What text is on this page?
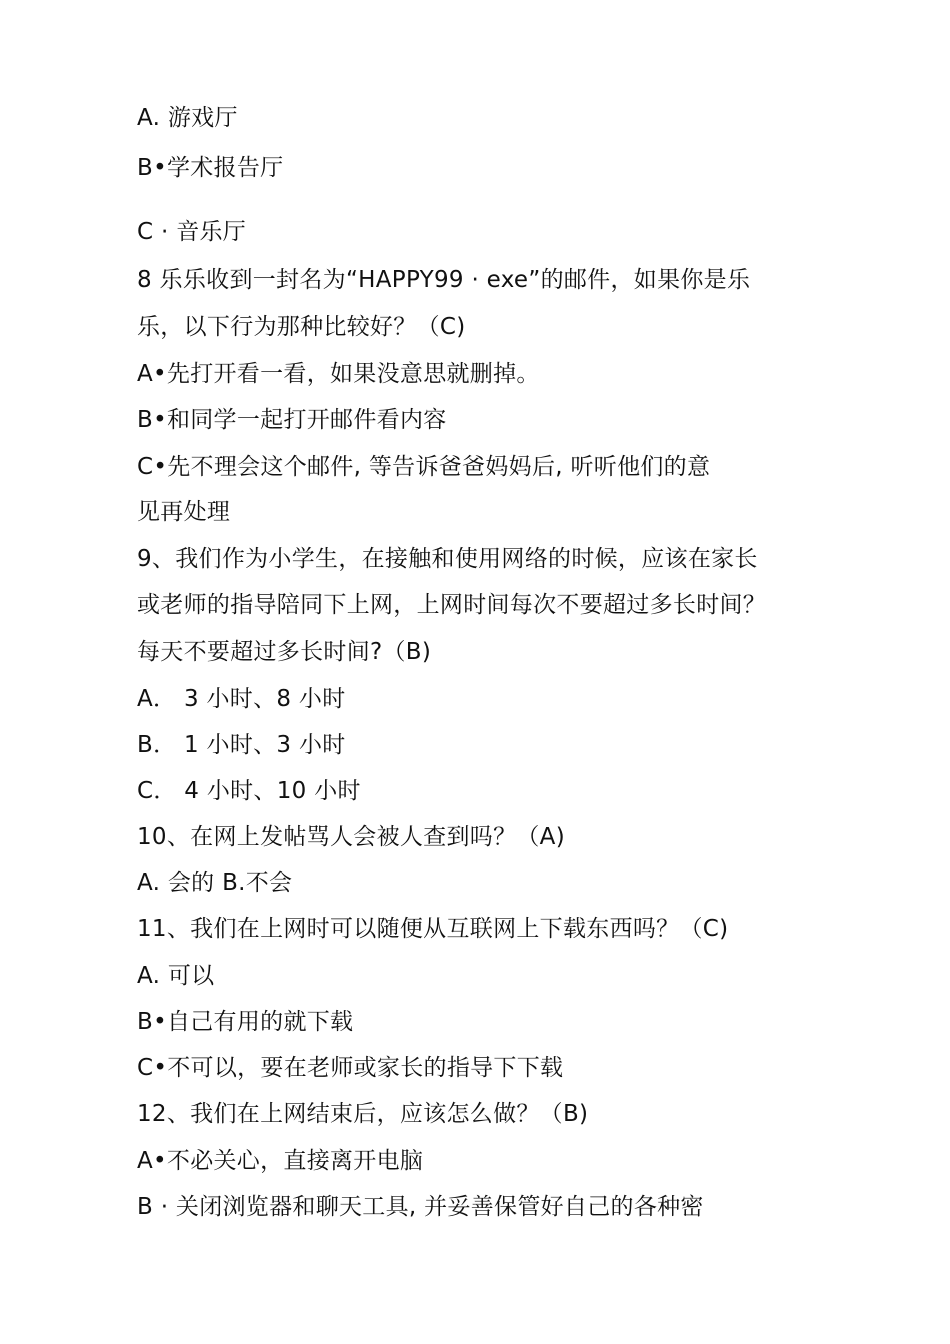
A. 游戏厅
B•学术报告厅
C · 音乐厅
8 乐乐收到一封名为“HAPPY99 · exe”的邮件，如果你是乐
乐，以下行为那种比较好？（C)
A•先打开看一看，如果没意思就删掉。
B•和同学一起打开邮件看内容
C•先不理会这个邮件, 等告诉爸爸妈妈后, 听听他们的意
见再处理
9、我们作为小学生，在接触和使用网络的时候，应该在家长
或老师的指导陪同下上网，上网时间每次不要超过多长时间？
每天不要超过多长时间?（B)
A． 3 小时、8 小时
B． 1 小时、3 小时
C． 4 小时、10 小时
10、在网上发帖骂人会被人查到吗？（A)
A. 会的 B.不会
11、我们在上网时可以随便从互联网上下载东西吗？（C)
A. 可以
B•自己有用的就下载
C•不可以，要在老师或家长的指导下下载
12、我们在上网结束后，应该怎么做？（B)
A•不必关心，直接离开电脑
B · 关闭浏览器和聊天工具, 并妥善保管好自己的各种密
